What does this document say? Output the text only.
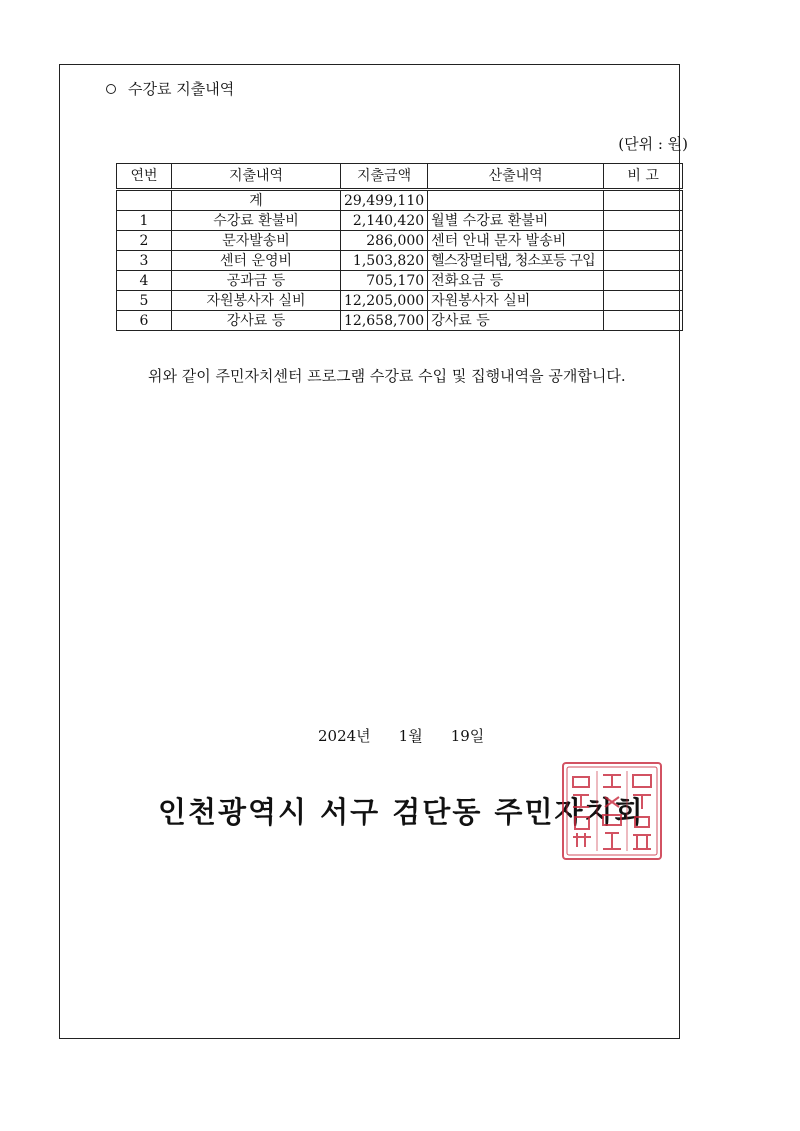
수강료 지출내역
(단위 : 원)
연번	지출내역	지출금액	산출내역	비 고
	계	29,499,110		
1	수강료 환불비	2,140,420	월별 수강료 환불비	
2	문자발송비	286,000	센터 안내 문자 발송비	
3	센터 운영비	1,503,820	헬스장멀티탭, 청소포등 구입	
4	공과금 등	705,170	전화요금 등	
5	자원봉사자 실비	12,205,000	자원봉사자 실비	
6	강사료 등	12,658,700	강사료 등	
위와 같이 주민자치센터 프로그램 수강료 수입 및 집행내역을 공개합니다.
2024년 1월 19일
인천광역시 서구 검단동 주민자치회
